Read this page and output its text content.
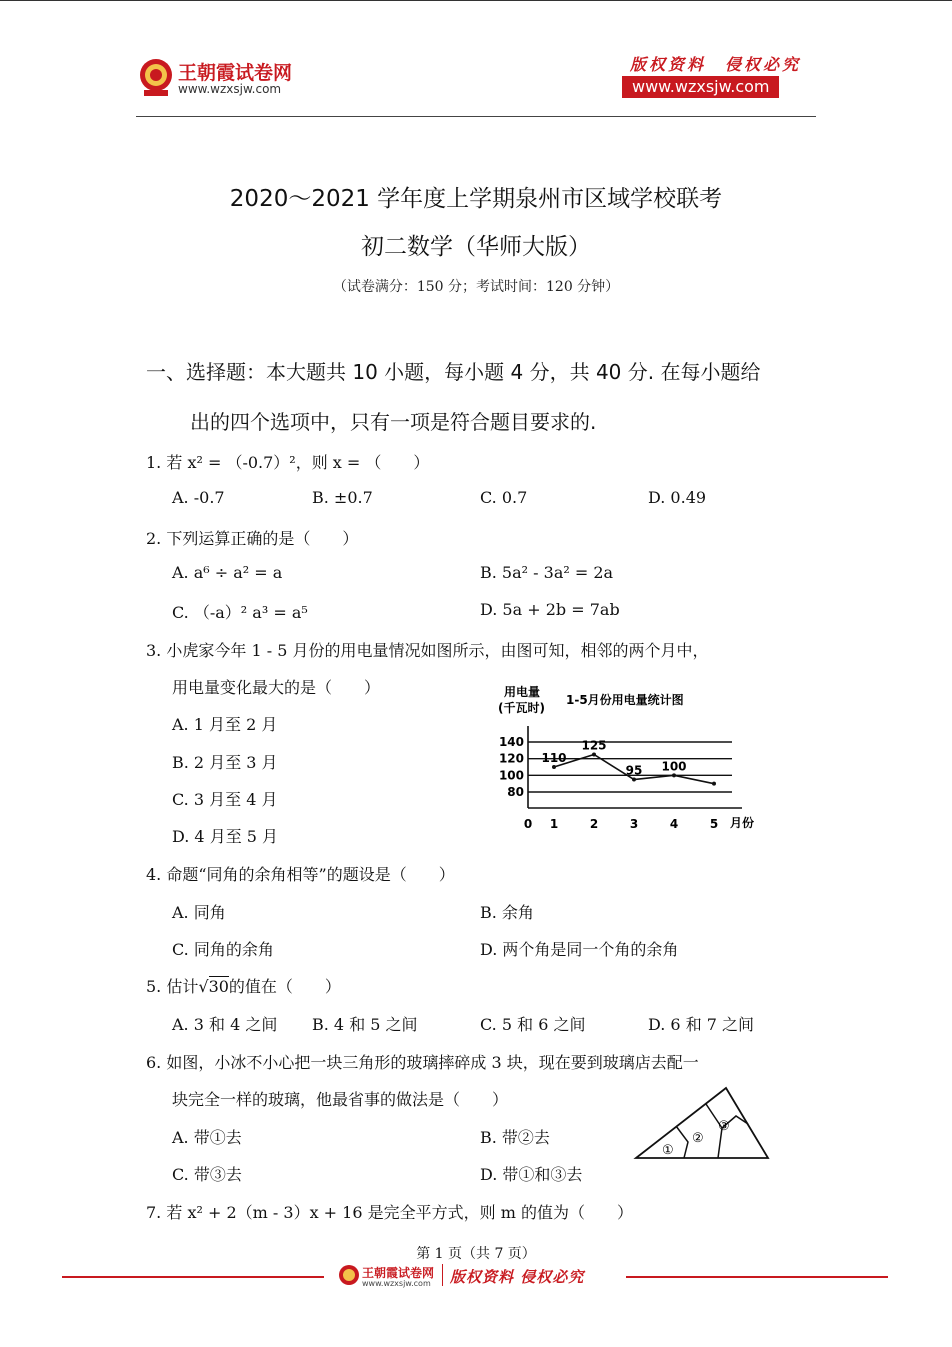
王朝霞试卷网
www.wzxsjw.com
版权资料　侵权必究
www.wzxsjw.com
2020～2021 学年度上学期泉州市区域学校联考
初二数学（华师大版）
（试卷满分：150 分；考试时间：120 分钟）
一、选择题：本大题共 10 小题，每小题 4 分，共 40 分. 在每小题给
出的四个选项中，只有一项是符合题目要求的.
1. 若 x² = （-0.7）²，则 x = （　　）
A. -0.7	B. ±0.7	C. 0.7	D. 0.49
2. 下列运算正确的是（　　）
A. a⁶ ÷ a² = a	B. 5a² - 3a² = 2a
C. （-a）² a³ = a⁵	D. 5a + 2b = 7ab
3. 小虎家今年 1 - 5 月份的用电量情况如图所示，由图可知，相邻的两个月中，
用电量变化最大的是（　　）
A. 1 月至 2 月
B. 2 月至 3 月
C. 3 月至 4 月
D. 4 月至 5 月
用电量
(千瓦时)
1-5月份用电量统计图
80
100
120
140
0 1	2	3	4	5
110
125
95 100
月份
4. 命题“同角的余角相等”的题设是（　　）
A. 同角	B. 余角
C. 同角的余角	D. 两个角是同一个角的余角
5. 估计√30的值在（　　）
A. 3 和 4 之间 B. 4 和 5 之间	C. 5 和 6 之间	D. 6 和 7 之间
6. 如图，小冰不小心把一块三角形的玻璃摔碎成 3 块，现在要到玻璃店去配一
块完全一样的玻璃，他最省事的做法是（　　）
A. 带①去	B. 带②去
C. 带③去	D. 带①和③去
①
②
③
7. 若 x² + 2（m - 3）x + 16 是完全平方式，则 m 的值为（　　）
第 1 页（共 7 页）
王朝霞试卷网
www.wzxsjw.com 版权资料 侵权必究
